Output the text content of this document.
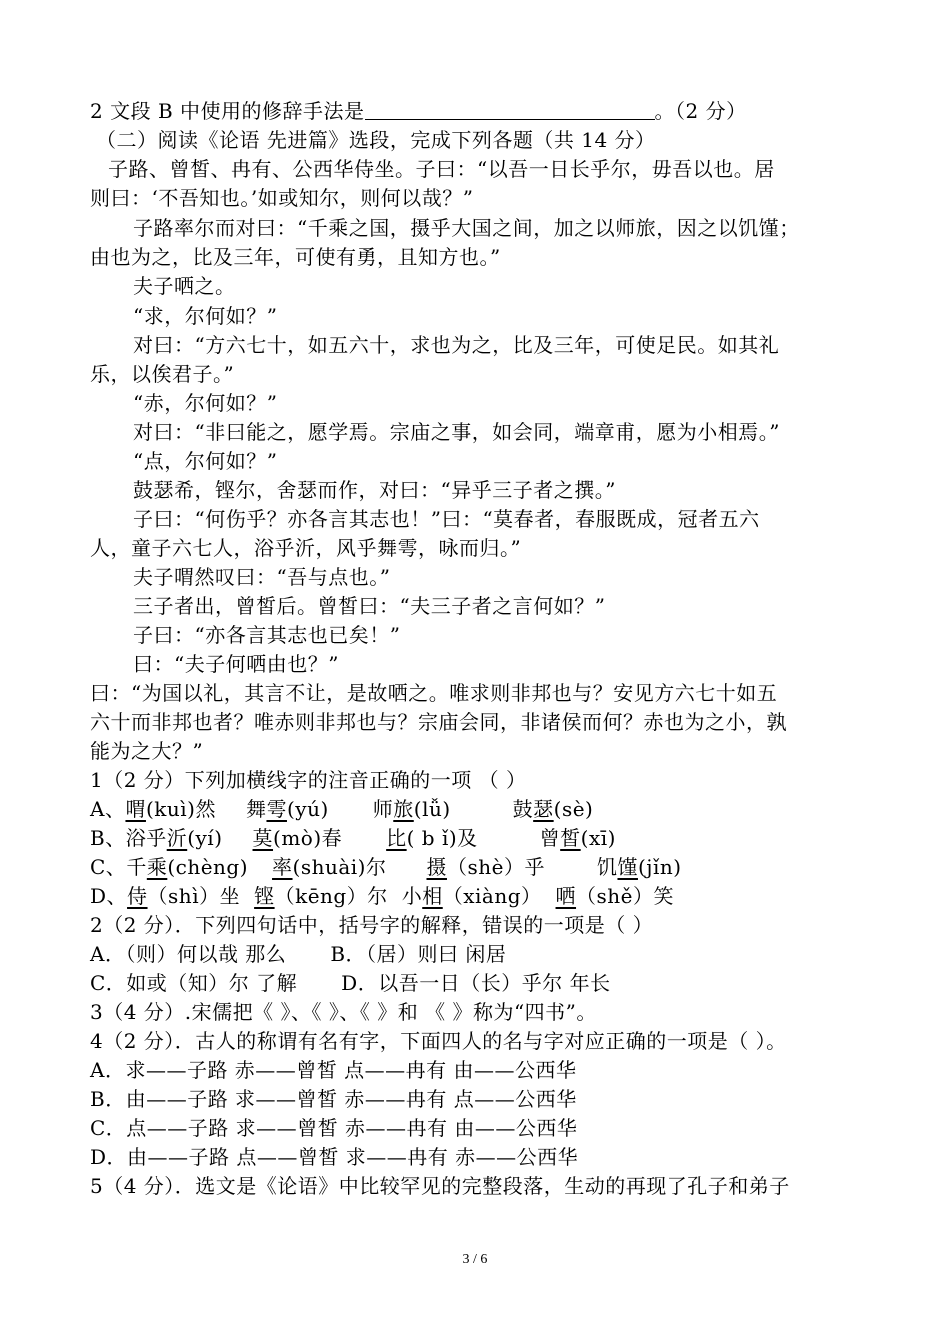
2 文段 B 中使用的修辞手法是	。（2 分）
（二）阅读《论语 先进篇》选段，完成下列各题（共 14 分）
子路、曾皙、冉有、公西华侍坐。子曰：“以吾一日长乎尔，毋吾以也。居
则曰：‘不吾知也。’如或知尔，则何以哉？”
子路率尔而对曰：“千乘之国，摄乎大国之间，加之以师旅，因之以饥馑；
由也为之，比及三年，可使有勇，且知方也。”
夫子哂之。
“求，尔何如？”
对曰：“方六七十，如五六十，求也为之，比及三年，可使足民。如其礼
乐，以俟君子。”
“赤，尔何如？”
对曰：“非曰能之，愿学焉。宗庙之事，如会同，端章甫，愿为小相焉。”
“点，尔何如？”
鼓瑟希，铿尔，舍瑟而作，对曰：“异乎三子者之撰。”
子曰：“何伤乎？亦各言其志也！”曰：“莫春者，春服既成，冠者五六
人，童子六七人，浴乎沂，风乎舞雩，咏而归。”
夫子喟然叹曰：“吾与点也。”
三子者出，曾皙后。曾皙曰：“夫三子者之言何如？”
子曰：“亦各言其志也已矣！”
曰：“夫子何哂由也？”
曰：“为国以礼，其言不让，是故哂之。唯求则非邦也与？安见方六七十如五
六十而非邦也者？唯赤则非邦也与？宗庙会同，非诸侯而何？赤也为之小，孰
能为之大？”
1（2 分）下列加横线字的注音正确的一项 （ ）
A、喟(kuì)然 舞雩(yú) 师旅(lǚ)	鼓瑟(sè)
B、浴乎沂(yí) 莫(mò)春 比( b ǐ)及	曾皙(xī)
C、千乘(chèng) 率(shuài)尔 摄（shè）乎	饥馑(jǐn)
D、侍（shì）坐 铿（kēng）尔 小相（xiàng） 哂（shě）笑
2（2 分）．下列四句话中，括号字的解释，错误的一项是（ ）
A．（则）何以哉 那么 B．（居）则曰 闲居
C．如或（知）尔 了解 D．以吾一日（长）乎尔 年长
3（4 分）.宋儒把《 》、《 》、《 》和 《 》称为“四书”。
4（2 分）．古人的称谓有名有字，下面四人的名与字对应正确的一项是（ ）。
A．求——子路 赤——曾皙 点——冉有 由——公西华
B．由——子路 求——曾皙 赤——冉有 点——公西华
C．点——子路 求——曾皙 赤——冉有 由——公西华
D．由——子路 点——曾皙 求——冉有 赤——公西华
5（4 分）．选文是《论语》中比较罕见的完整段落，生动的再现了孔子和弟子
3 / 6
